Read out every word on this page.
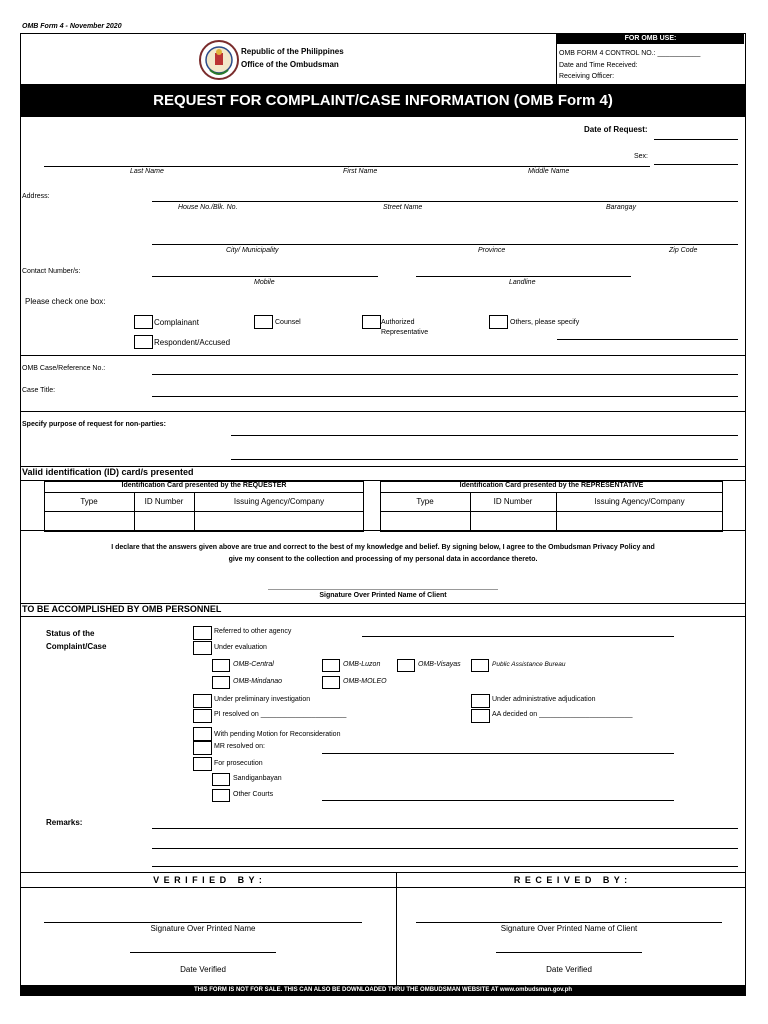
OMB Form 4 - November 2020
Republic of the Philippines
Office of the Ombudsman
FOR OMB USE:
OMB FORM 4 CONTROL NO.: ___________
Date and Time Received:
Receiving Officer:
REQUEST FOR COMPLAINT/CASE INFORMATION (OMB Form 4)
Date of Request:
Sex:
Last Name	First Name	Middle Name
Address:
House No./Blk. No.	Street Name	Barangay
City/ Municipality	Province	Zip Code
Contact Number/s:
Mobile	Landline
Please check one box:
Complainant	Counsel	Authorized
Representative
Others, please specify
Respondent/Accused
OMB Case/Reference No.:
Case Title:
Specify purpose of request for non-parties:
Valid identification (ID) card/s presented
Identification Card presented by the REQUESTER
Type	ID Number	Issuing Agency/Company
Identification Card presented by the REPRESENTATIVE
Type	ID Number	Issuing Agency/Company
I declare that the answers given above are true and correct to the best of my knowledge and belief. By signing below, I agree to the Ombudsman Privacy Policy and
give my consent to the collection and processing of my personal data in accordance thereto.
Signature Over Printed Name of Client
TO BE ACCOMPLISHED BY OMB PERSONNEL
Status of the
Complaint/Case
Referred to other agency
Under evaluation
OMB-Central	OMB-Luzon	OMB-Visayas	Public Assistance Bureau
OMB-Mindanao	OMB-MOLEO
Under preliminary investigation	Under administrative adjudication
PI resolved on ______________________	AA decided on ________________________
With pending Motion for Reconsideration
MR resolved on:
For prosecution
Sandiganbayan
Other Courts
Remarks:
V E R I F I E D   B Y :	R E C E I V E D   B Y :
Signature Over Printed Name
Date Verified
Signature Over Printed Name of Client
Date Verified
THIS FORM IS NOT FOR SALE. THIS CAN ALSO BE DOWNLOADED THRU THE OMBUDSMAN WEBSITE AT www.ombudsman.gov.ph
